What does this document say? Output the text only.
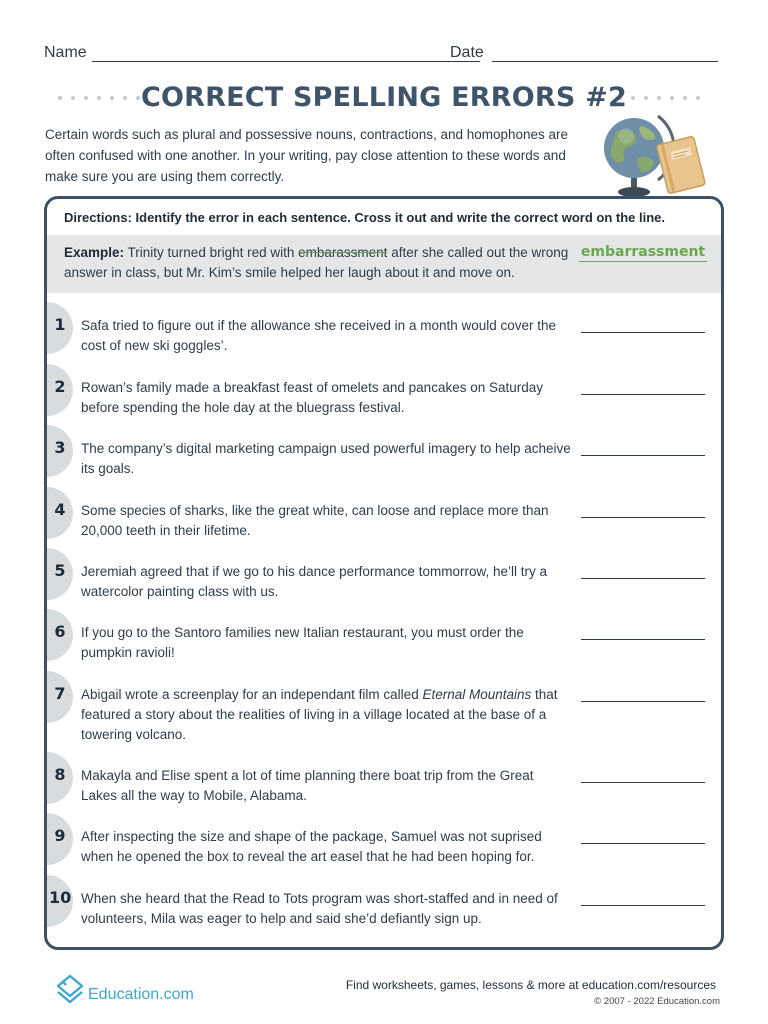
Name	Date
CORRECT SPELLING ERRORS #2

Certain words such as plural and possessive nouns, contractions, and homophones are often confused with one another. In your writing, pay close attention to these words and make sure you are using them correctly.

Directions: Identify the error in each sentence. Cross it out and write the correct word on the line.
Example: Trinity turned bright red with embarassment after she called out the wrong answer in class, but Mr. Kim’s smile helped her laugh about it and move on.
embarrassment
1	Safa tried to figure out if the allowance she received in a month would cover the cost of new ski goggles’.
2	Rowan’s family made a breakfast feast of omelets and pancakes on Saturday before spending the hole day at the bluegrass festival.
3	The company’s digital marketing campaign used powerful imagery to help acheive its goals.
4	Some species of sharks, like the great white, can loose and replace more than 20,000 teeth in their lifetime.
5	Jeremiah agreed that if we go to his dance performance tommorrow, he’ll try a watercolor painting class with us.
6	If you go to the Santoro families new Italian restaurant, you must order the pumpkin ravioli!
7	Abigail wrote a screenplay for an independant film called Eternal Mountains that featured a story about the realities of living in a village located at the base of a towering volcano.
8	Makayla and Elise spent a lot of time planning there boat trip from the Great Lakes all the way to Mobile, Alabama.
9	After inspecting the size and shape of the package, Samuel was not suprised when he opened the box to reveal the art easel that he had been hoping for.
10 When she heard that the Read to Tots program was short-staffed and in need of volunteers, Mila was eager to help and said she’d defiantly sign up.
Education.com
Find worksheets, games, lessons & more at education.com/resources
© 2007 - 2022 Education.com
